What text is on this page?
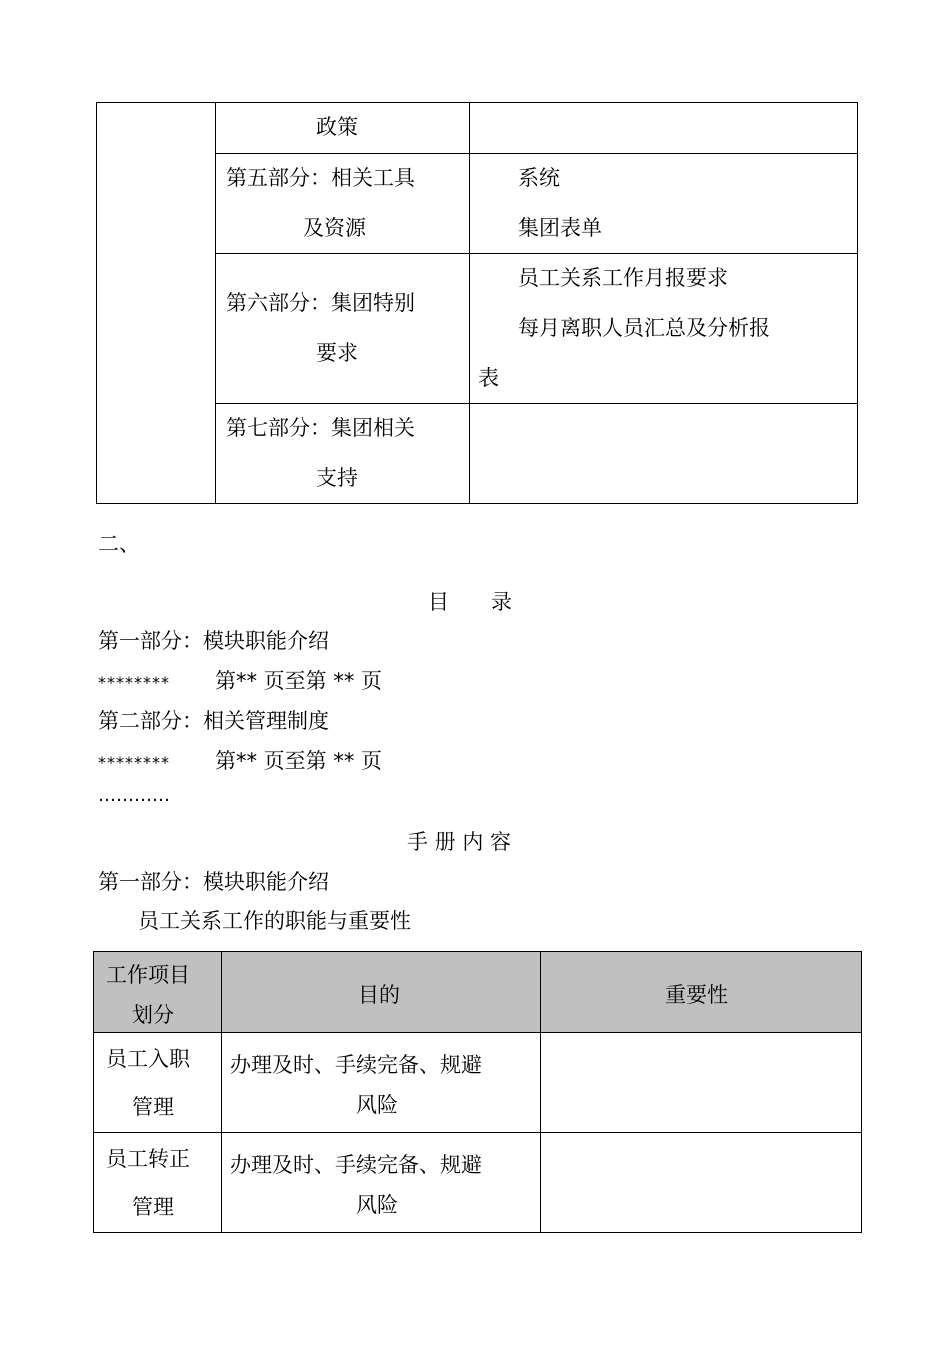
	政策	

	第五部分：相关工具
及资源	系统
集团表单

	第六部分：集团特别
要求	员工关系工作月报要求
每月离职人员汇总及分析报
表

	第七部分：集团相关
支持	

二、
目　　录
第一部分：模块职能介绍
******** 第** 页至第 ** 页
第二部分：相关管理制度
******** 第** 页至第 ** 页
…………
手 册 内 容
第一部分：模块职能介绍
员工关系工作的职能与重要性
工作项目
划分	目的	重要性

员工入职
管理	办理及时、手续完备、规避
风险	

员工转正
管理	办理及时、手续完备、规避
风险	
